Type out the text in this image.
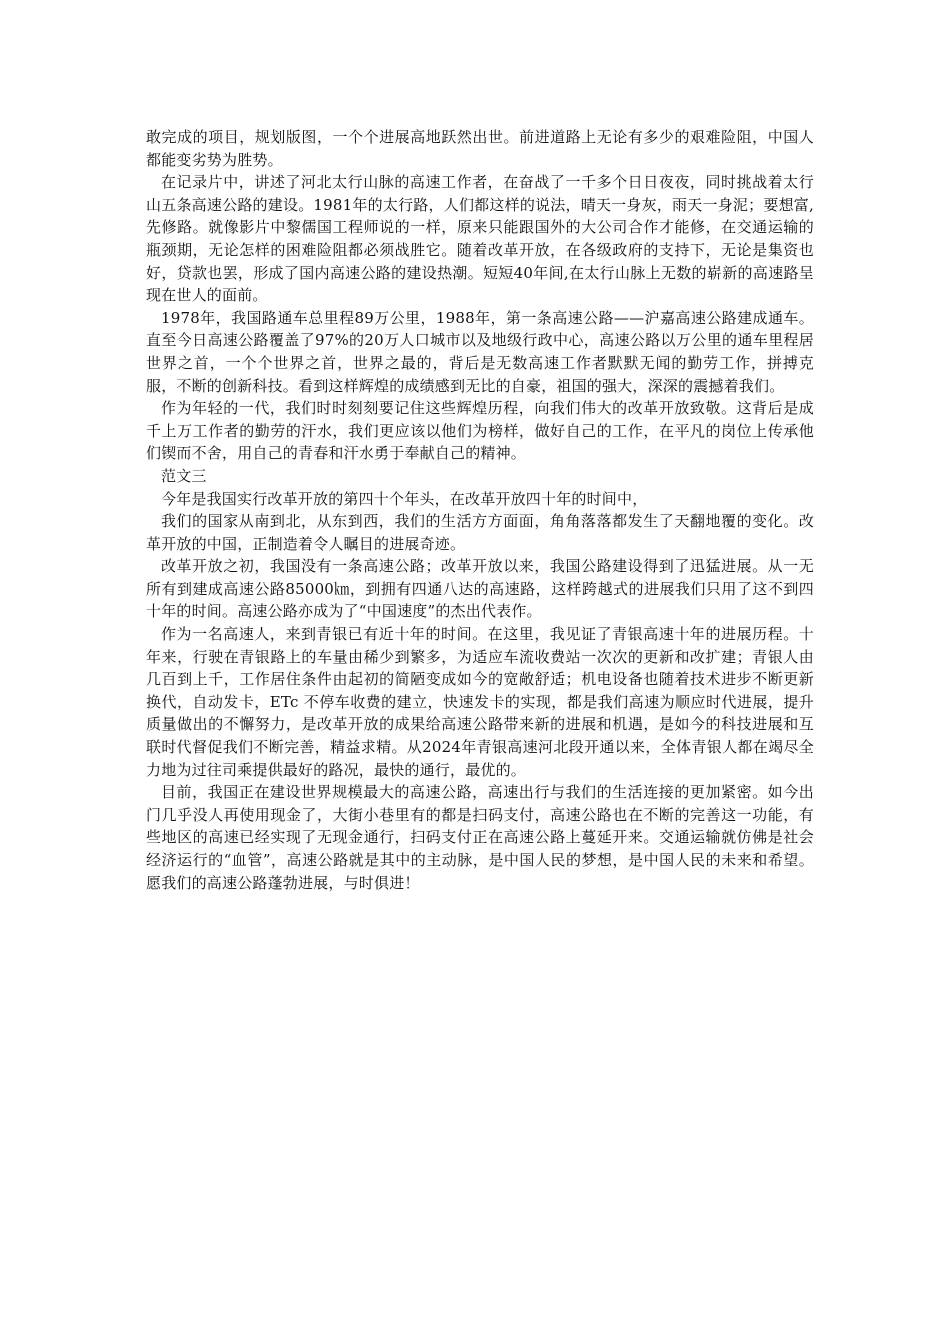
敢完成的项目，规划版图，一个个进展高地跃然出世。前进道路上无论有多少的艰难险阻，中国人都能变劣势为胜势。

在记录片中，讲述了河北太行山脉的高速工作者，在奋战了一千多个日日夜夜，同时挑战着太行山五条高速公路的建设。1981年的太行路，人们都这样的说法，晴天一身灰，雨天一身泥；要想富,先修路。就像影片中黎儒国工程师说的一样，原来只能跟国外的大公司合作才能修，在交通运输的瓶颈期，无论怎样的困难险阻都必须战胜它。随着改革开放，在各级政府的支持下，无论是集资也好，贷款也罢，形成了国内高速公路的建设热潮。短短40年间,在太行山脉上无数的崭新的高速路呈现在世人的面前。

1978年，我国路通车总里程89万公里，1988年，第一条高速公路——沪嘉高速公路建成通车。直至今日高速公路覆盖了97%的20万人口城市以及地级行政中心，高速公路以万公里的通车里程居世界之首，一个个世界之首，世界之最的，背后是无数高速工作者默默无闻的勤劳工作，拼搏克服，不断的创新科技。看到这样辉煌的成绩感到无比的自豪，祖国的强大，深深的震撼着我们。

作为年轻的一代，我们时时刻刻要记住这些辉煌历程，向我们伟大的改革开放致敬。这背后是成千上万工作者的勤劳的汗水，我们更应该以他们为榜样，做好自己的工作，在平凡的岗位上传承他们锲而不舍，用自己的青春和汗水勇于奉献自己的精神。

范文三

今年是我国实行改革开放的第四十个年头，在改革开放四十年的时间中，

我们的国家从南到北，从东到西，我们的生活方方面面，角角落落都发生了天翻地覆的变化。改革开放的中国，正制造着令人瞩目的进展奇迹。

改革开放之初，我国没有一条高速公路；改革开放以来，我国公路建设得到了迅猛进展。从一无所有到建成高速公路85000㎞，到拥有四通八达的高速路，这样跨越式的进展我们只用了这不到四十年的时间。高速公路亦成为了“中国速度”的杰出代表作。

作为一名高速人，来到青银已有近十年的时间。在这里，我见证了青银高速十年的进展历程。十年来，行驶在青银路上的车量由稀少到繁多，为适应车流收费站一次次的更新和改扩建；青银人由几百到上千，工作居住条件由起初的简陋变成如今的宽敞舒适；机电设备也随着技术进步不断更新换代，自动发卡，ETc 不停车收费的建立，快速发卡的实现，都是我们高速为顺应时代进展，提升质量做出的不懈努力，是改革开放的成果给高速公路带来新的进展和机遇，是如今的科技进展和互联时代督促我们不断完善，精益求精。从2024年青银高速河北段开通以来，全体青银人都在竭尽全力地为过往司乘提供最好的路况，最快的通行，最优的。

目前，我国正在建设世界规模最大的高速公路，高速出行与我们的生活连接的更加紧密。如今出门几乎没人再使用现金了，大街小巷里有的都是扫码支付，高速公路也在不断的完善这一功能，有些地区的高速已经实现了无现金通行，扫码支付正在高速公路上蔓延开来。交通运输就仿佛是社会经济运行的“血管”，高速公路就是其中的主动脉，是中国人民的梦想，是中国人民的未来和希望。愿我们的高速公路蓬勃进展，与时俱进！
